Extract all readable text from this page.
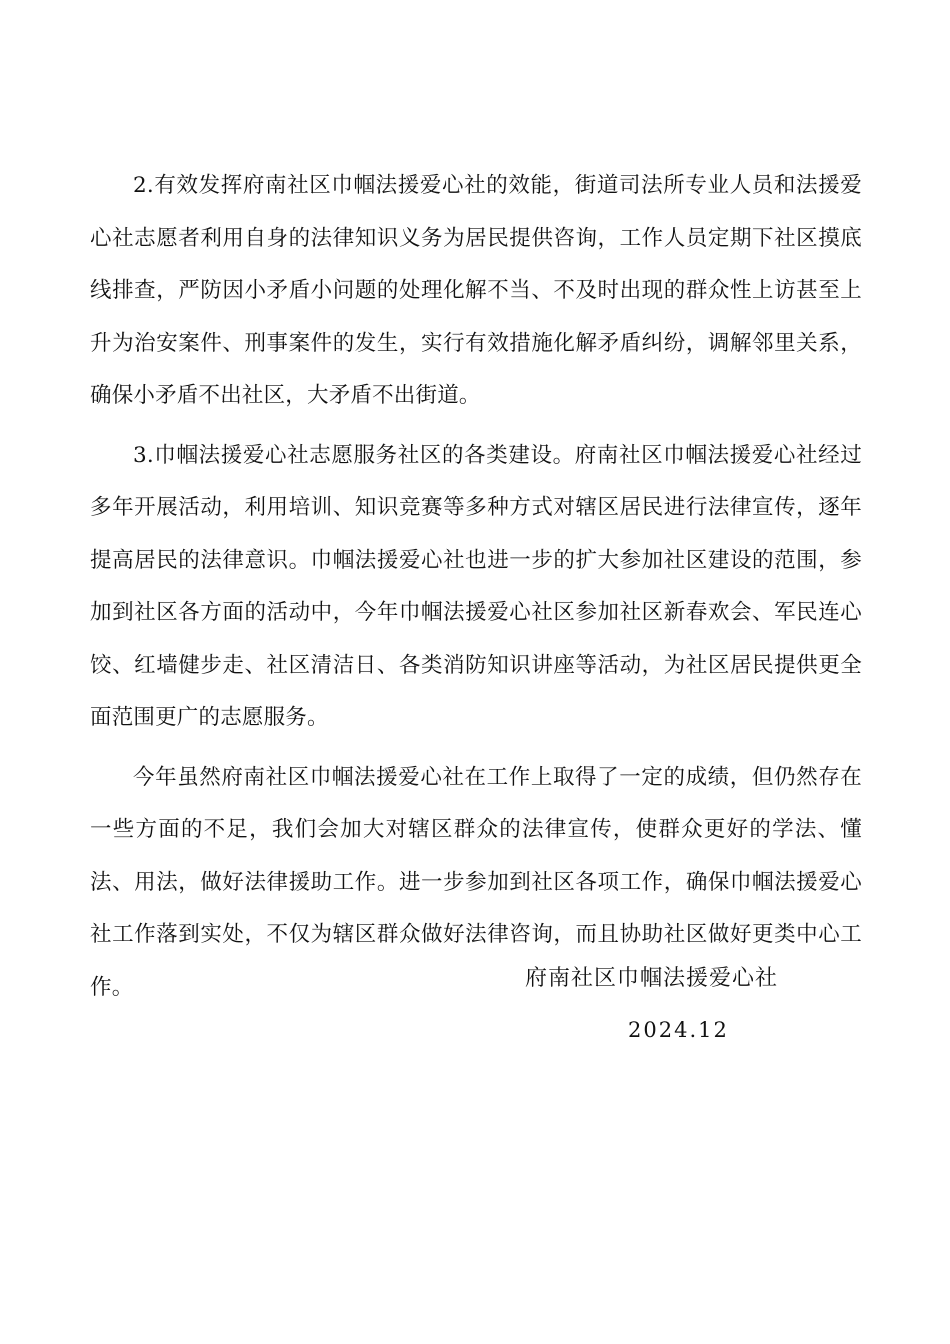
2.有效发挥府南社区巾帼法援爱心社的效能，街道司法所专业人员和法援爱心社志愿者利用自身的法律知识义务为居民提供咨询，工作人员定期下社区摸底线排查，严防因小矛盾小问题的处理化解不当、不及时出现的群众性上访甚至上升为治安案件、刑事案件的发生，实行有效措施化解矛盾纠纷，调解邻里关系，确保小矛盾不出社区，大矛盾不出街道。

3.巾帼法援爱心社志愿服务社区的各类建设。府南社区巾帼法援爱心社经过多年开展活动，利用培训、知识竞赛等多种方式对辖区居民进行法律宣传，逐年提高居民的法律意识。巾帼法援爱心社也进一步的扩大参加社区建设的范围，参加到社区各方面的活动中，今年巾帼法援爱心社区参加社区新春欢会、军民连心饺、红墙健步走、社区清洁日、各类消防知识讲座等活动，为社区居民提供更全面范围更广的志愿服务。

今年虽然府南社区巾帼法援爱心社在工作上取得了一定的成绩，但仍然存在一些方面的不足，我们会加大对辖区群众的法律宣传，使群众更好的学法、懂法、用法，做好法律援助工作。进一步参加到社区各项工作，确保巾帼法援爱心社工作落到实处，不仅为辖区群众做好法律咨询，而且协助社区做好更类中心工作。	府南社区巾帼法援爱心社
2024.12
